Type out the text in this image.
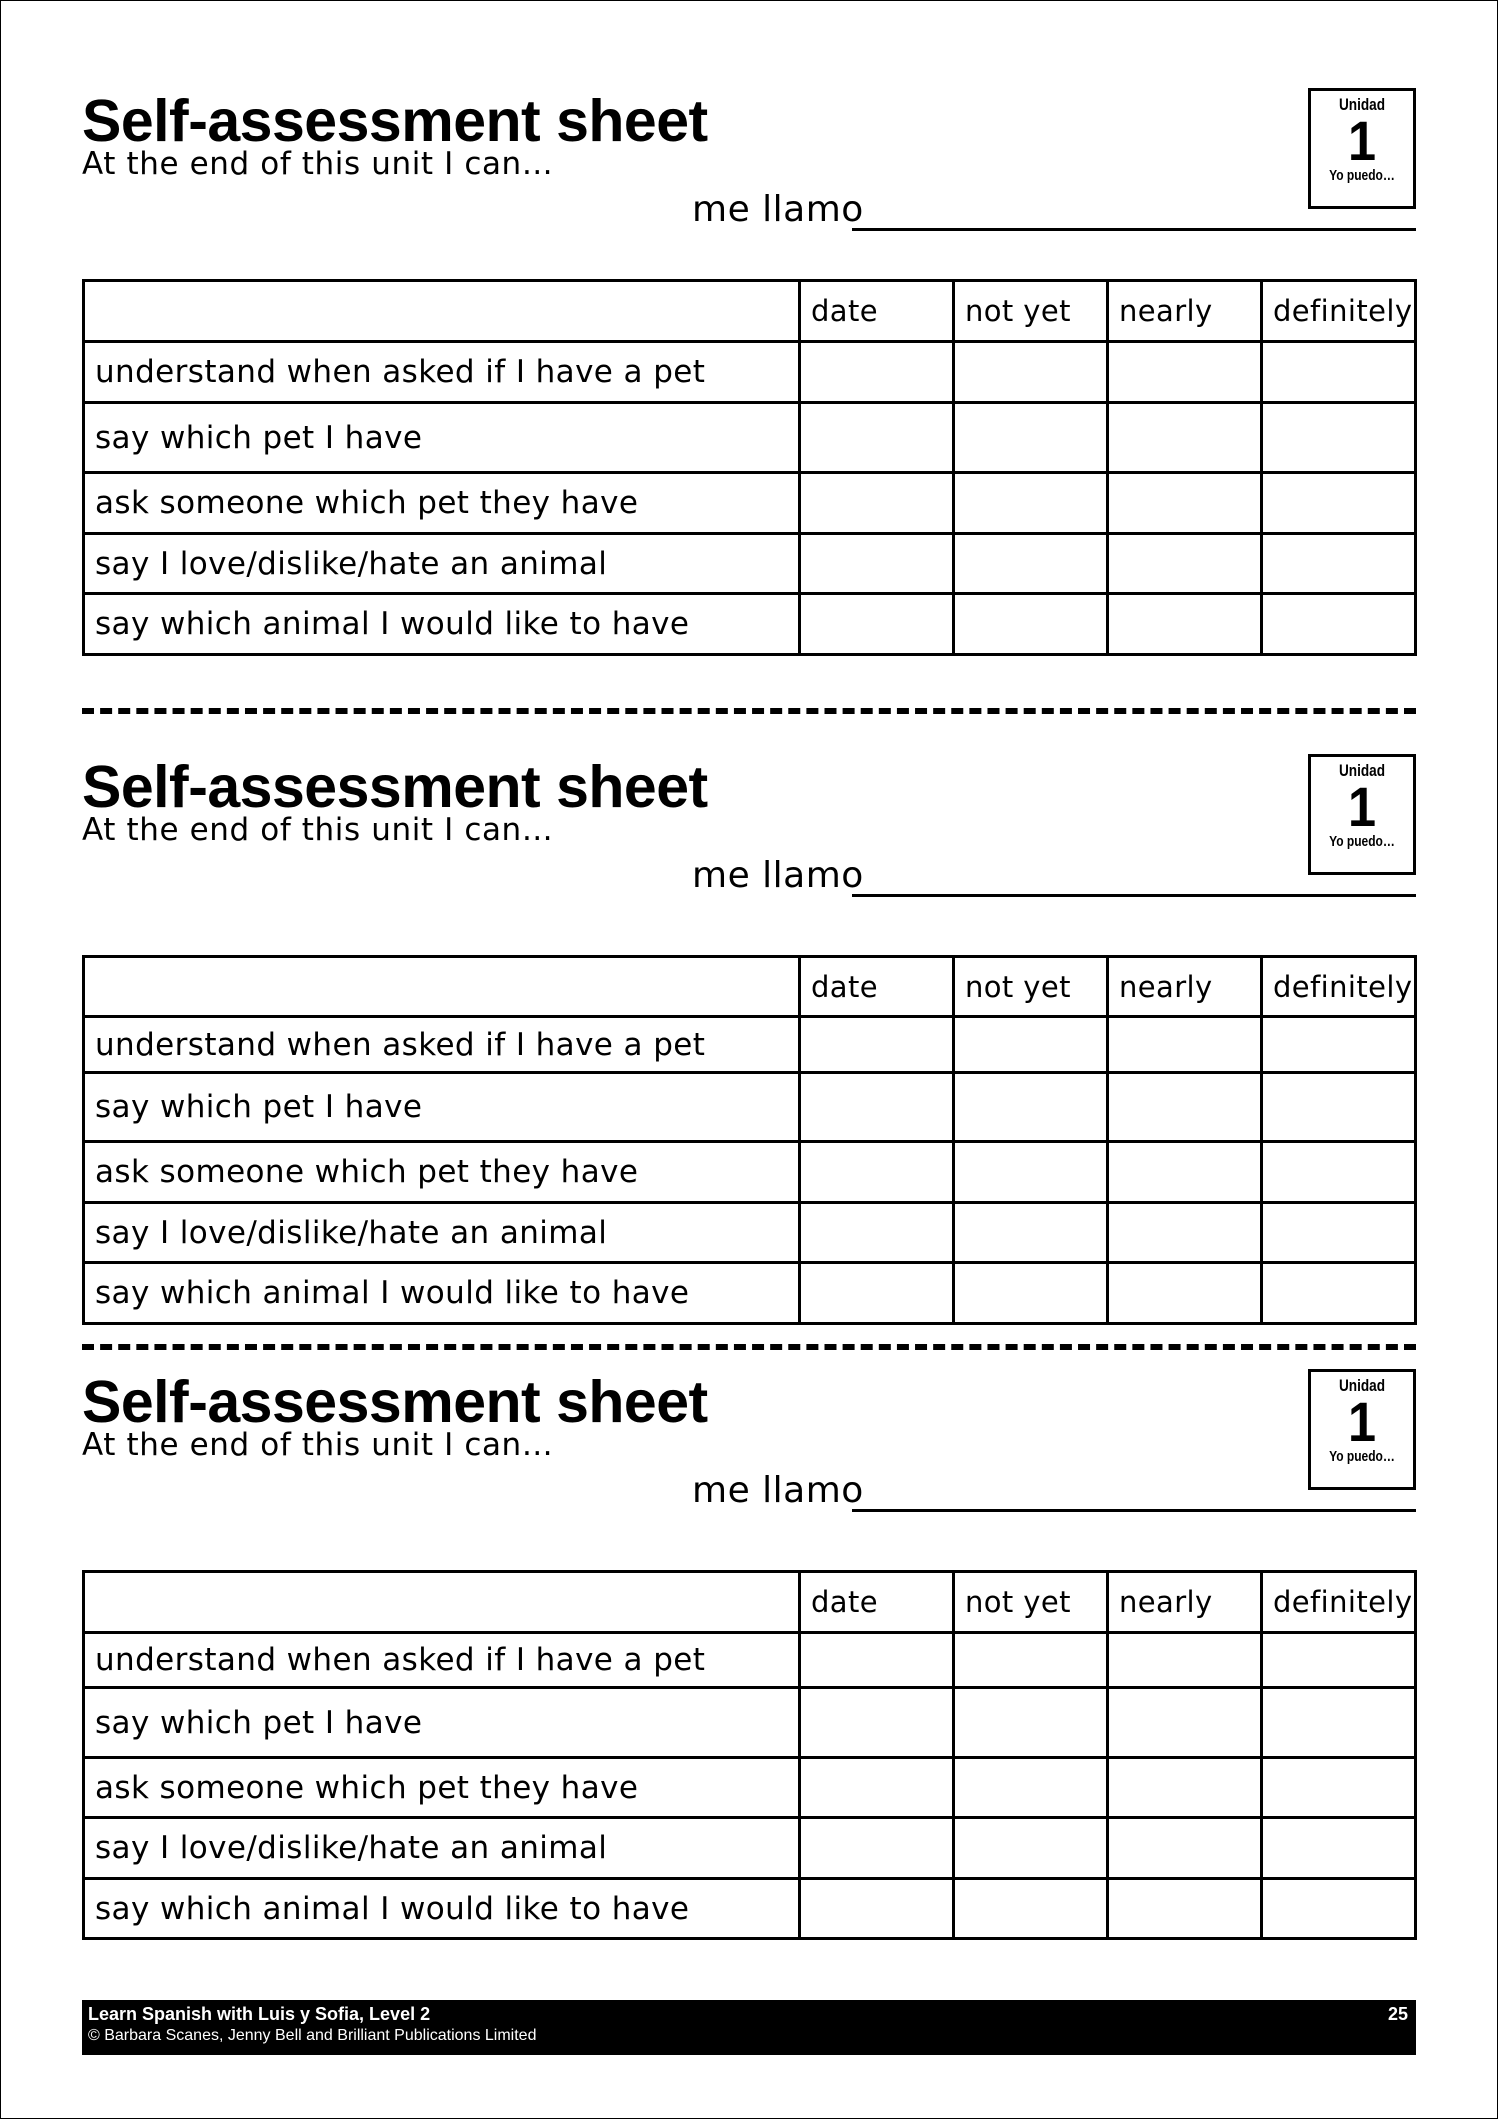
Self-assessment sheet
At the end of this unit I can…
me llamo
Unidad
1
Yo puedo…
	date	not yet	nearly	definitely
understand when asked if I have a pet				
say which pet I have				
ask someone which pet they have				
say I love/dislike/hate an animal				
say which animal I would like to have				
Self-assessment sheet
At the end of this unit I can…
me llamo
Unidad
1
Yo puedo…
	date	not yet	nearly	definitely
understand when asked if I have a pet				
say which pet I have				
ask someone which pet they have				
say I love/dislike/hate an animal				
say which animal I would like to have				
Self-assessment sheet
At the end of this unit I can…
me llamo
Unidad
1
Yo puedo…
	date	not yet	nearly	definitely
understand when asked if I have a pet				
say which pet I have				
ask someone which pet they have				
say I love/dislike/hate an animal				
say which animal I would like to have				
Learn Spanish with Luis y Sofia, Level 2
© Barbara Scanes, Jenny Bell and Brilliant Publications Limited
25
